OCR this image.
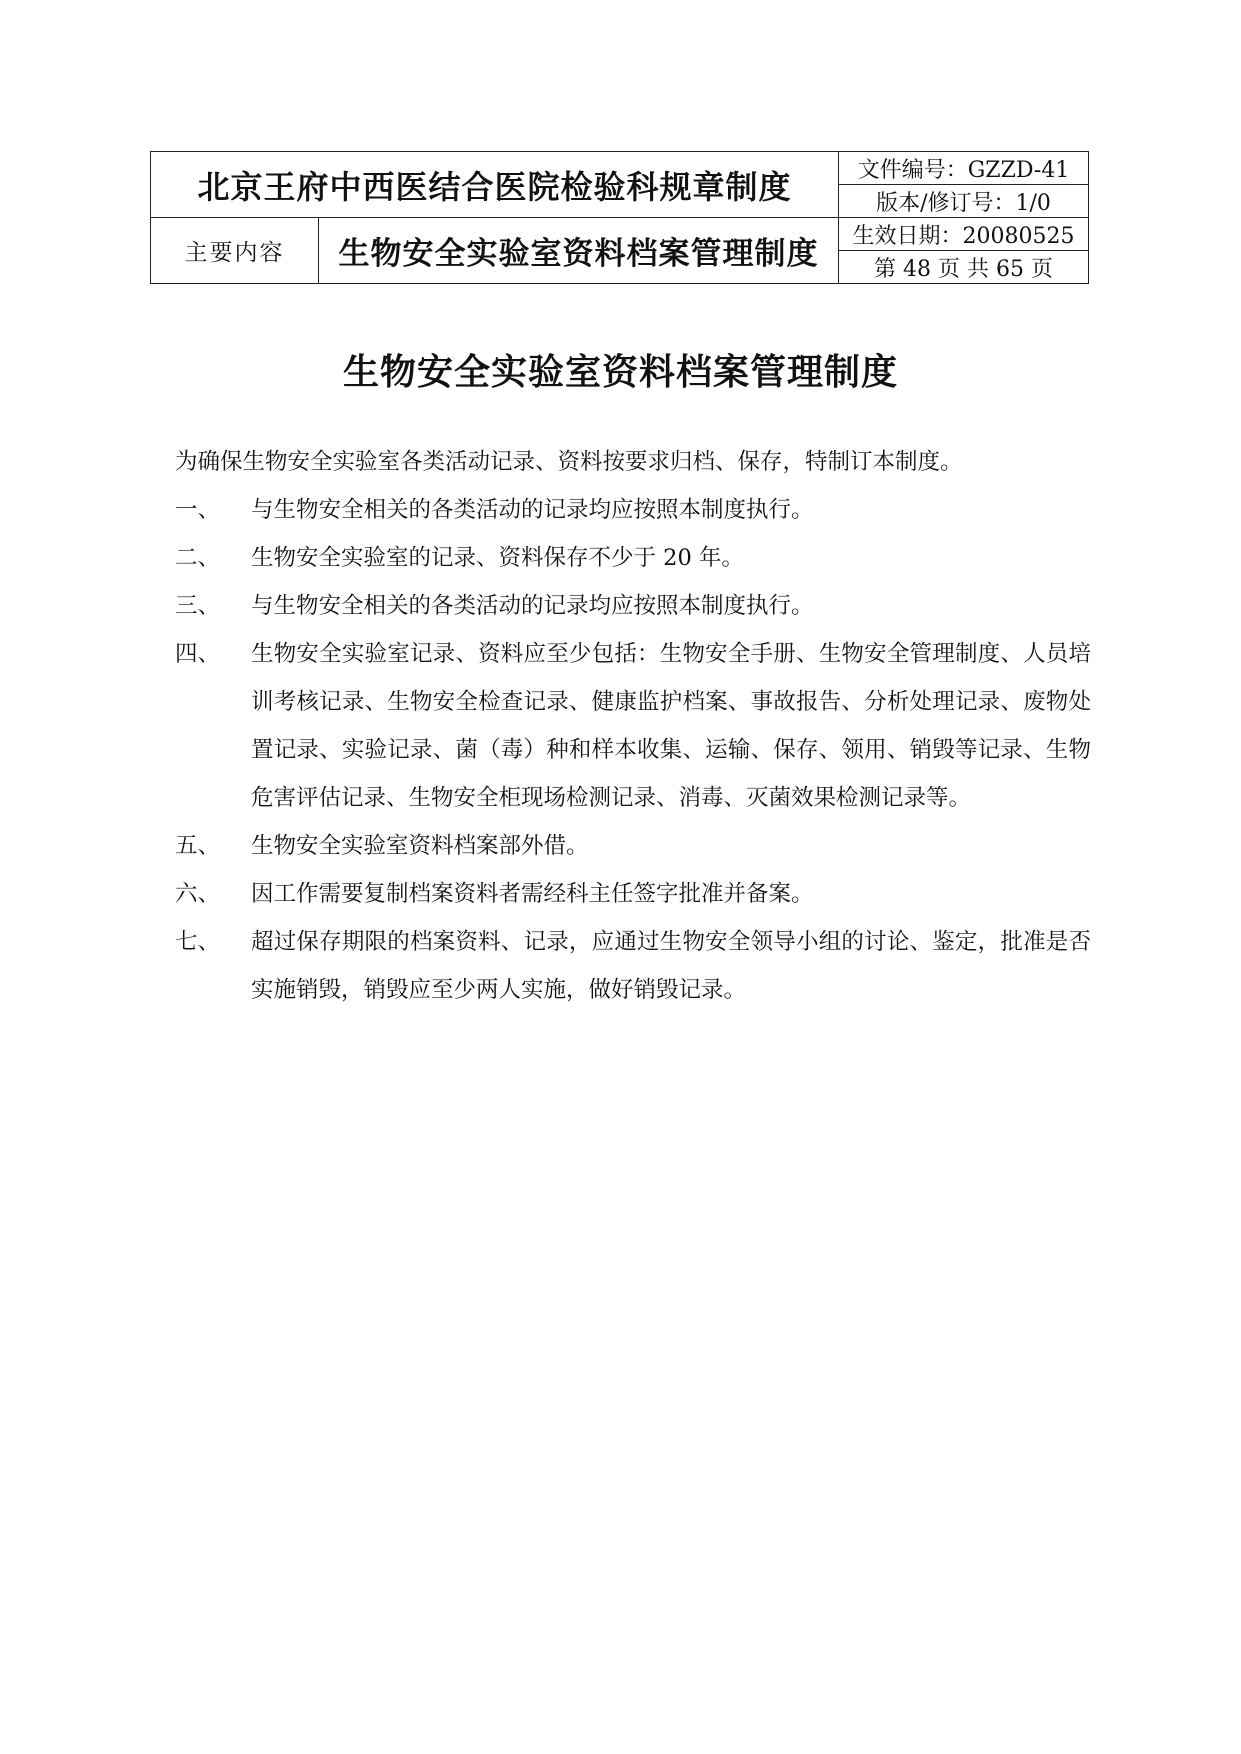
北京王府中西医结合医院检验科规章制度		文件编号：GZZD-41
		版本/修订号：1/0
主要内容	生物安全实验室资料档案管理制度	生效日期：20080525
		第 48 页 共 65 页
生物安全实验室资料档案管理制度

为确保生物安全实验室各类活动记录、资料按要求归档、保存，特制订本制度。

一、	与生物安全相关的各类活动的记录均应按照本制度执行。
二、	生物安全实验室的记录、资料保存不少于 20 年。
三、	与生物安全相关的各类活动的记录均应按照本制度执行。
四、	生物安全实验室记录、资料应至少包括：生物安全手册、生物安全管理制度、人员培训考核记录、生物安全检查记录、健康监护档案、事故报告、分析处理记录、废物处置记录、实验记录、菌（毒）种和样本收集、运输、保存、领用、销毁等记录、生物危害评估记录、生物安全柜现场检测记录、消毒、灭菌效果检测记录等。
五、	生物安全实验室资料档案部外借。
六、	因工作需要复制档案资料者需经科主任签字批准并备案。
七、	超过保存期限的档案资料、记录，应通过生物安全领导小组的讨论、鉴定，批准是否实施销毁，销毁应至少两人实施，做好销毁记录。
